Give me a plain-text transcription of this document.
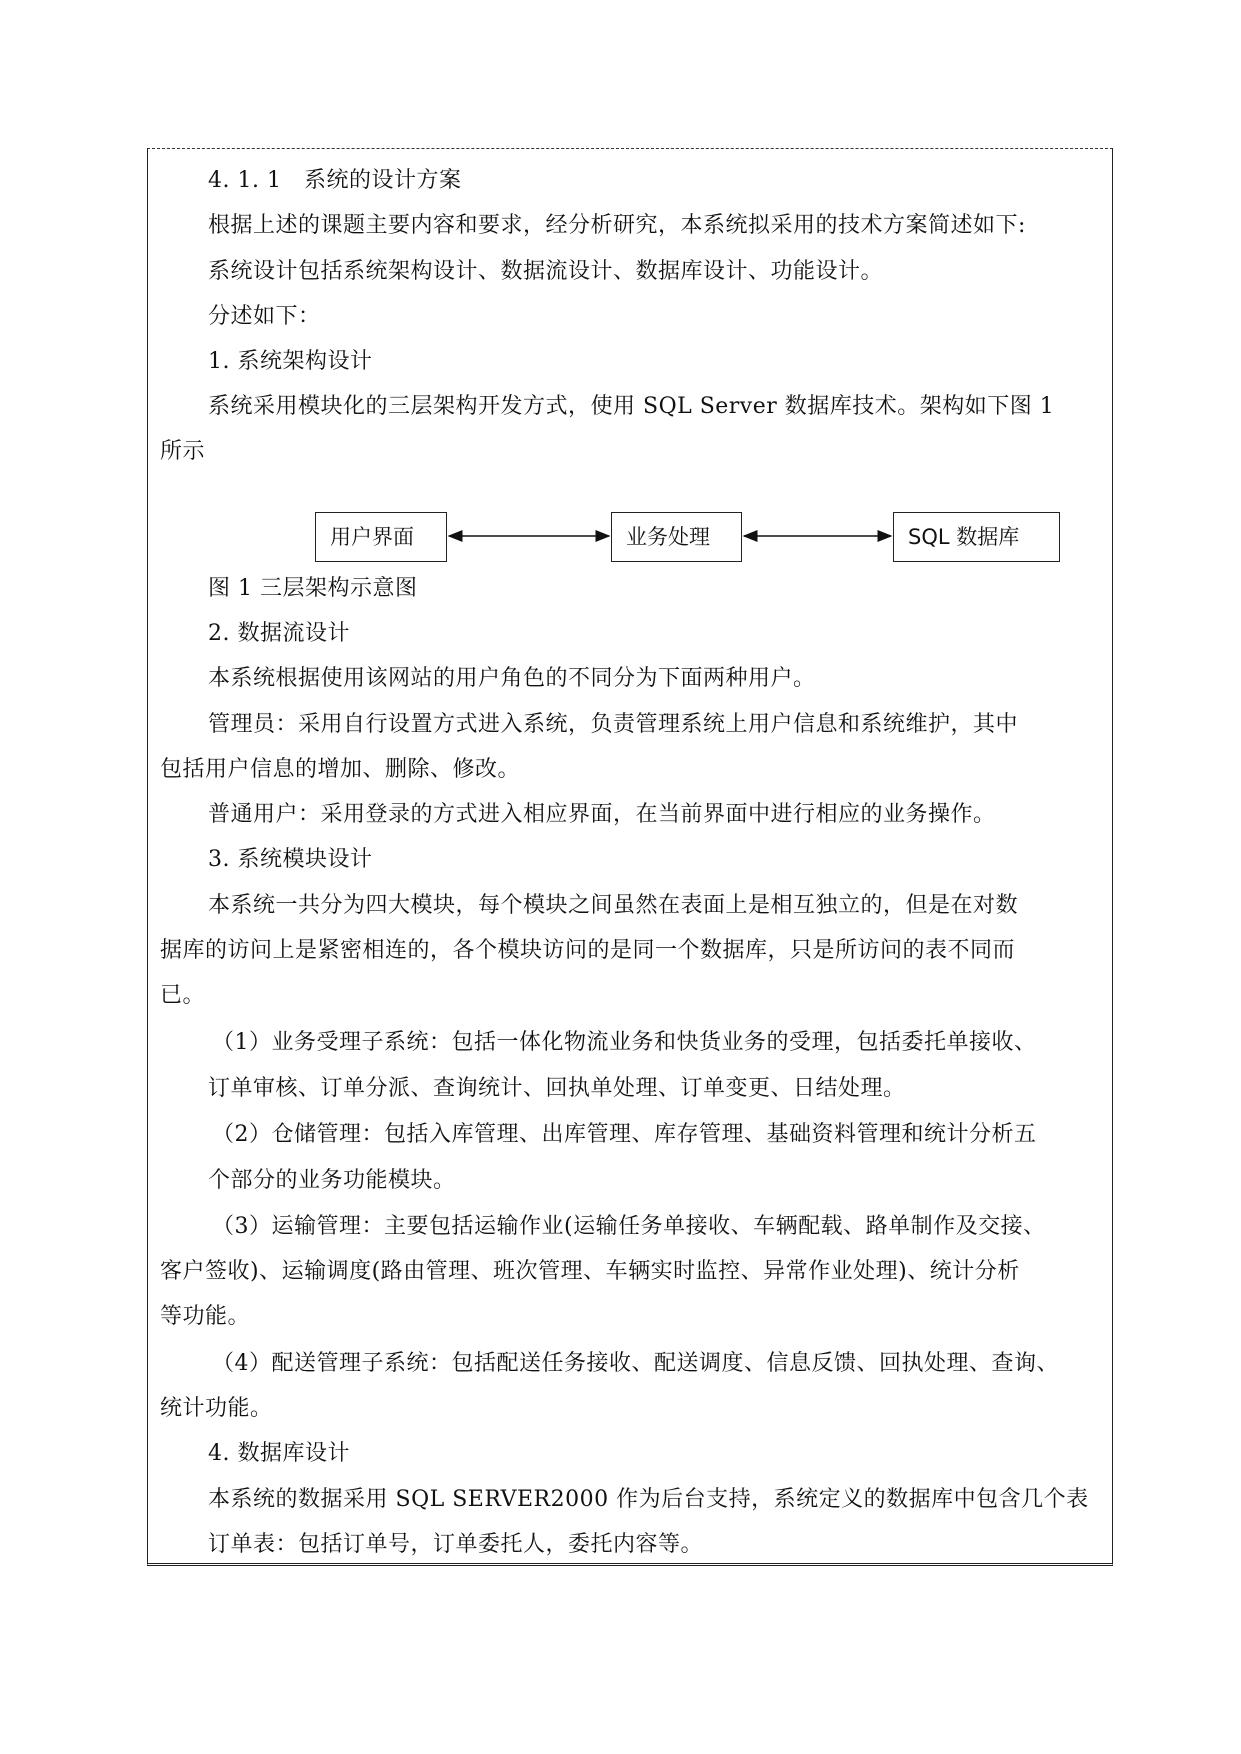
4. 1. 1　系统的设计方案
根据上述的课题主要内容和要求，经分析研究，本系统拟采用的技术方案简述如下:
系统设计包括系统架构设计、数据流设计、数据库设计、功能设计。
分述如下：
1. 系统架构设计
系统采用模块化的三层架构开发方式，使用 SQL Server 数据库技术。架构如下图 1
所示
用户界面	业务处理	SQL 数据库
图 1 三层架构示意图
2. 数据流设计
本系统根据使用该网站的用户角色的不同分为下面两种用户。
管理员：采用自行设置方式进入系统，负责管理系统上用户信息和系统维护，其中
包括用户信息的增加、删除、修改。
普通用户：采用登录的方式进入相应界面，在当前界面中进行相应的业务操作。
3. 系统模块设计
本系统一共分为四大模块，每个模块之间虽然在表面上是相互独立的，但是在对数
据库的访问上是紧密相连的，各个模块访问的是同一个数据库，只是所访问的表不同而
已。
（1）业务受理子系统：包括一体化物流业务和快货业务的受理，包括委托单接收、
订单审核、订单分派、查询统计、回执单处理、订单变更、日结处理。
（2）仓储管理：包括入库管理、出库管理、库存管理、基础资料管理和统计分析五
个部分的业务功能模块。
（3）运输管理：主要包括运输作业(运输任务单接收、车辆配载、路单制作及交接、
客户签收)、运输调度(路由管理、班次管理、车辆实时监控、异常作业处理)、统计分析
等功能。
（4）配送管理子系统：包括配送任务接收、配送调度、信息反馈、回执处理、查询、
统计功能。
4. 数据库设计
本系统的数据采用 SQL SERVER2000 作为后台支持，系统定义的数据库中包含几个表
订单表：包括订单号，订单委托人，委托内容等。
